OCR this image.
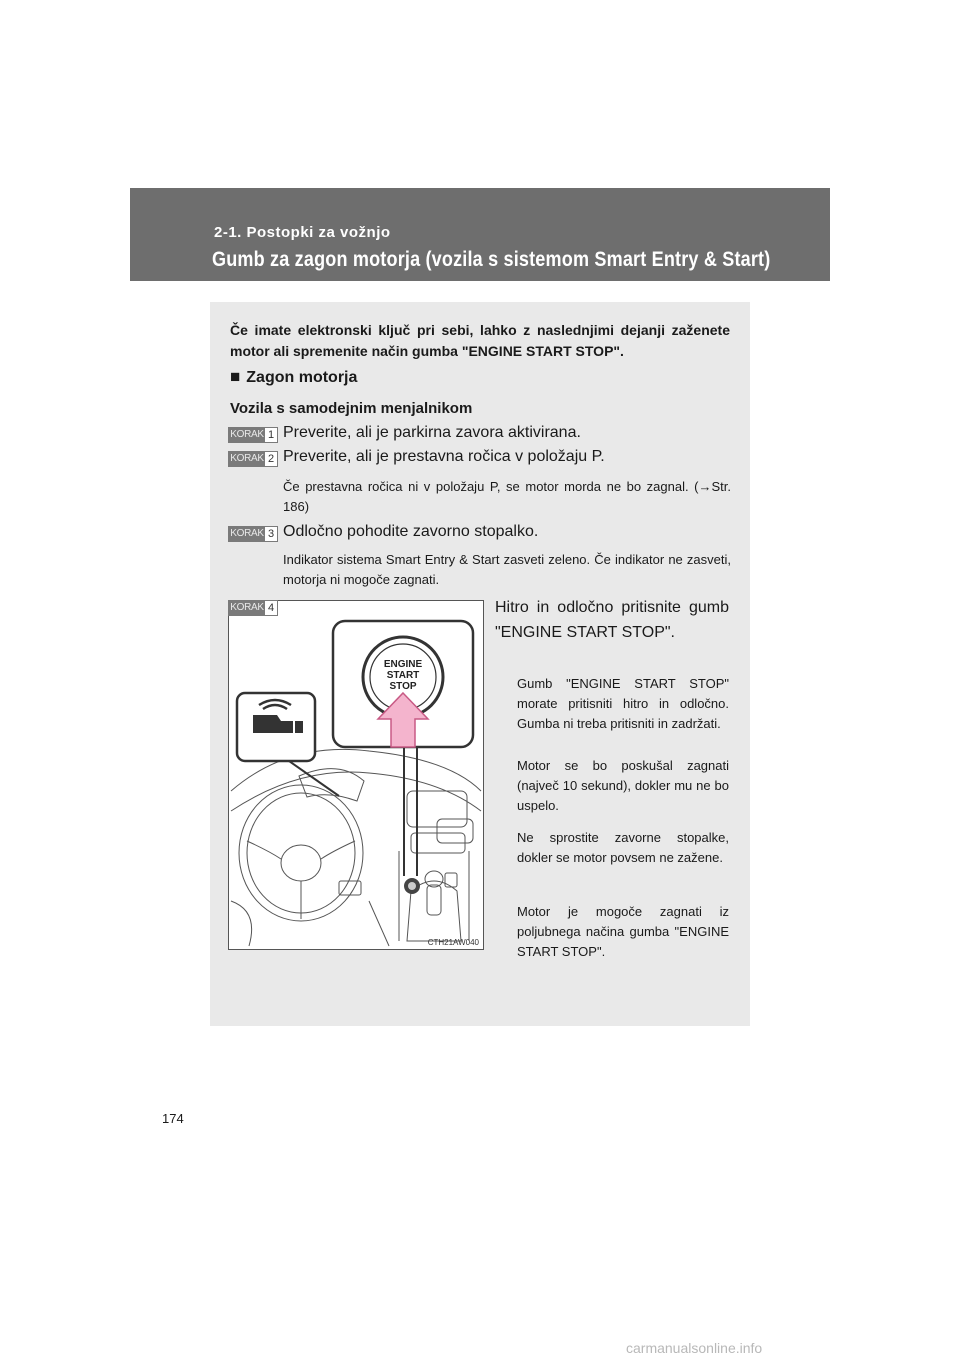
2-1. Postopki za vožnjo
Gumb za zagon motorja (vozila s sistemom Smart Entry & Start)
Če imate elektronski ključ pri sebi, lahko z naslednjimi dejanji zaženete motor ali spremenite način gumba "ENGINE START STOP".
■ Zagon motorja
Vozila s samodejnim menjalnikom
KORAK 1 Preverite, ali je parkirna zavora aktivirana.
KORAK 2 Preverite, ali je prestavna ročica v položaju P.
Če prestavna ročica ni v položaju P, se motor morda ne bo zagnal. (→Str. 186)
KORAK 3 Odločno pohodite zavorno stopalko.
Indikator sistema Smart Entry & Start zasveti zeleno. Če indikator ne zasveti, motorja ni mogoče zagnati.
ENGINE
START
STOP
CTH21AW040
KORAK 4	Hitro in odločno pritisnite gumb "ENGINE START STOP".
Gumb "ENGINE START STOP" morate pritisniti hitro in odločno. Gumba ni treba pritisniti in zadržati.
Motor se bo poskušal zagnati (največ 10 sekund), dokler mu ne bo uspelo.
Ne sprostite zavorne stopalke, dokler se motor povsem ne zažene.
Motor je mogoče zagnati iz poljubnega načina gumba "ENGINE START STOP".
174
carmanualsonline.info
